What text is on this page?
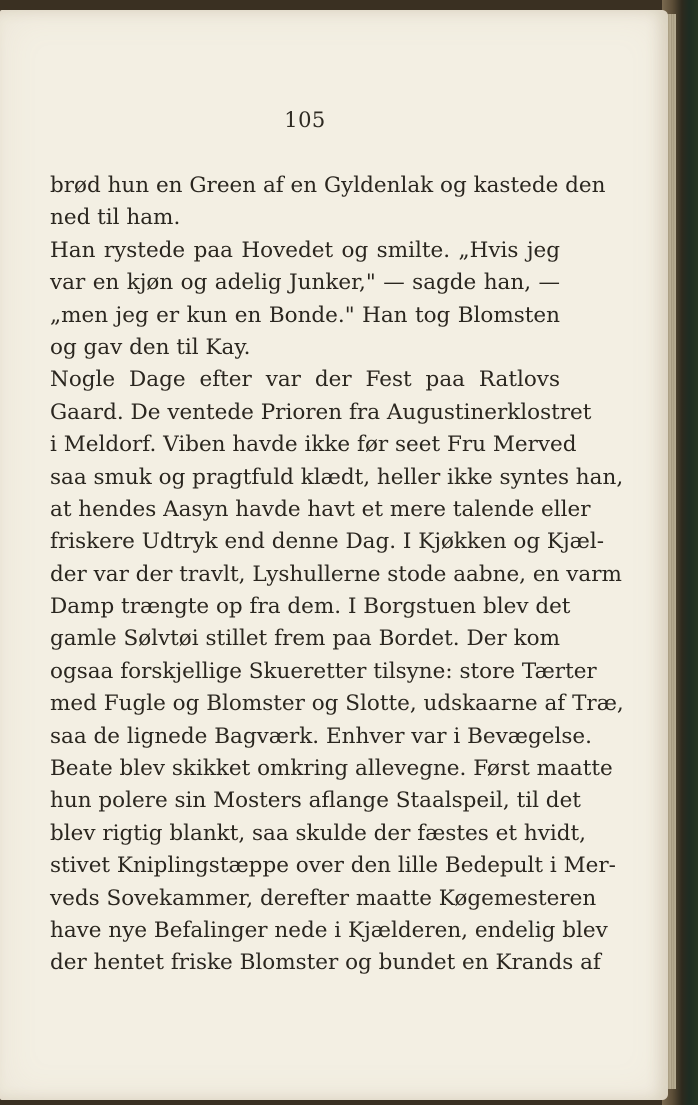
105
brød hun en Green af en Gyldenlak og kastede den
ned til ham.
Han rystede paa Hovedet og smilte. „Hvis jeg
var en kjøn og adelig Junker," — sagde han, —
„men jeg er kun en Bonde." Han tog Blomsten
og gav den til Kay.
Nogle Dage efter var der Fest paa Ratlovs
Gaard. De ventede Prioren fra Augustinerklostret
i Meldorf. Viben havde ikke før seet Fru Merved
saa smuk og pragtfuld klædt, heller ikke syntes han,
at hendes Aasyn havde havt et mere talende eller
friskere Udtryk end denne Dag. I Kjøkken og Kjæl-
der var der travlt, Lyshullerne stode aabne, en varm
Damp trængte op fra dem. I Borgstuen blev det
gamle Sølvtøi stillet frem paa Bordet. Der kom
ogsaa forskjellige Skueretter tilsyne: store Tærter
med Fugle og Blomster og Slotte, udskaarne af Træ,
saa de lignede Bagværk. Enhver var i Bevægelse.
Beate blev skikket omkring allevegne. Først maatte
hun polere sin Mosters aflange Staalspeil, til det
blev rigtig blankt, saa skulde der fæstes et hvidt,
stivet Kniplingstæppe over den lille Bedepult i Mer-
veds Sovekammer, derefter maatte Køgemesteren
have nye Befalinger nede i Kjælderen, endelig blev
der hentet friske Blomster og bundet en Krands af
